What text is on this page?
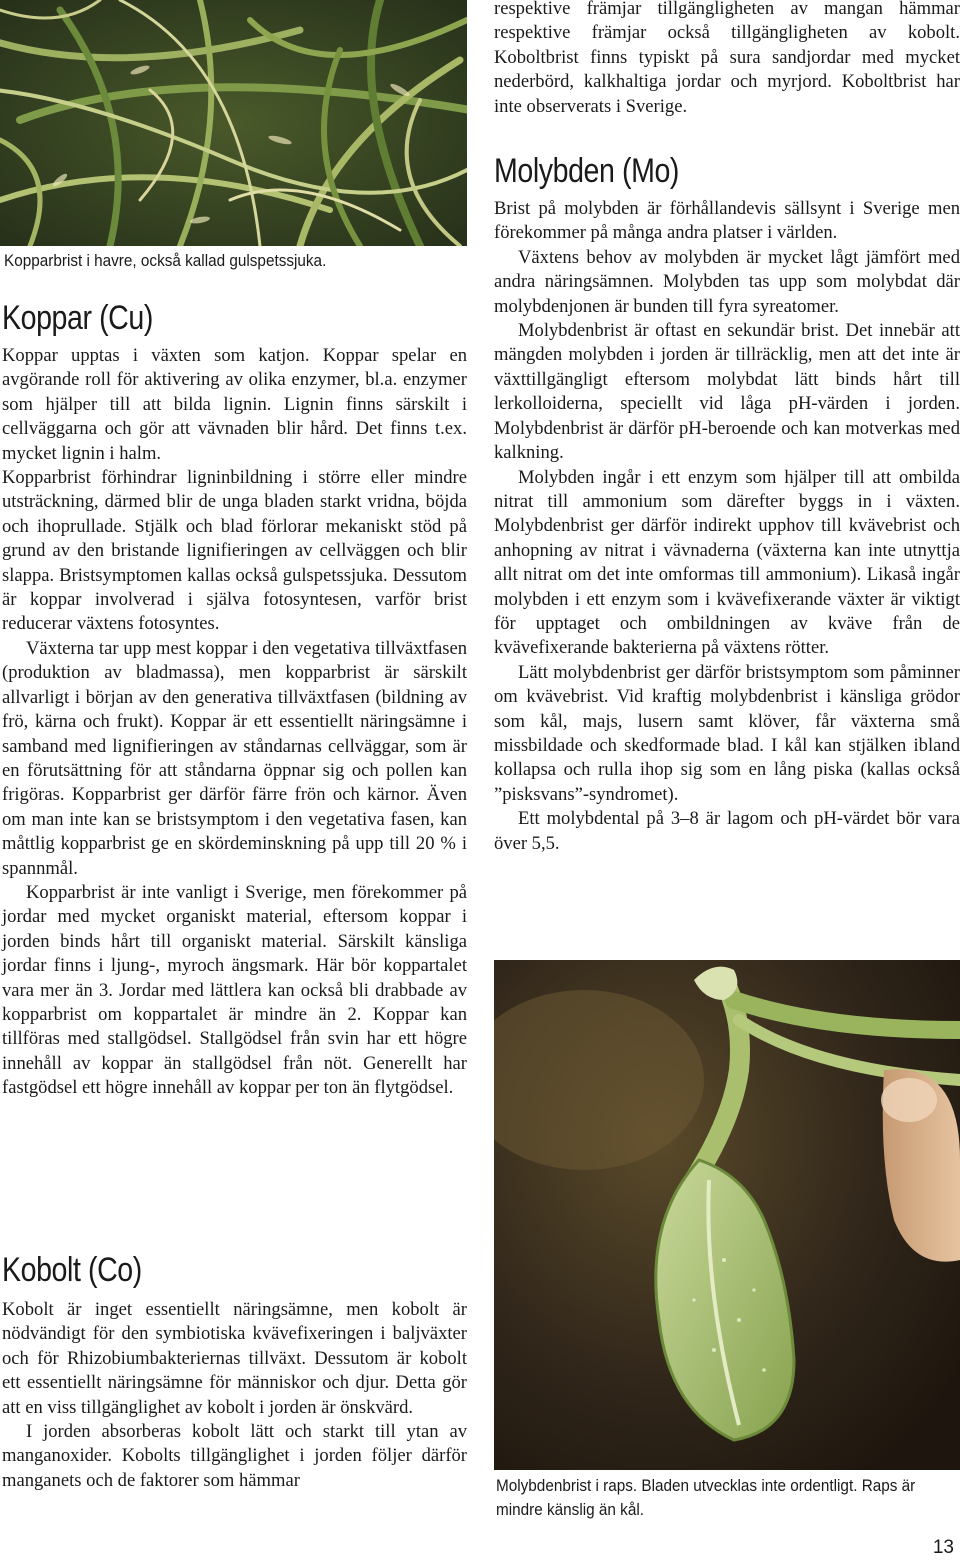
Kopparbrist i havre, också kallad gulspetssjuka.
Koppar (Cu)

Koppar upptas i växten som katjon. Koppar spelar en avgörande roll för aktivering av olika enzymer, bl.a. enzymer som hjälper till att bilda lignin. Lignin finns särskilt i cellväggarna och gör att vävnaden blir hård. Det finns t.ex. mycket lignin i halm.

Kopparbrist förhindrar ligninbildning i större eller mindre utsträckning, därmed blir de unga bladen starkt vridna, böjda och ihoprullade. Stjälk och blad förlorar mekaniskt stöd på grund av den bristande lignifieringen av cellväggen och blir slappa. Bristsymptomen kallas också gulspetssjuka. Dessutom är koppar involverad i själva fotosyntesen, varför brist reducerar växtens fotosyntes.

Växterna tar upp mest koppar i den vegetativa tillväxtfasen (produktion av bladmassa), men kopparbrist är särskilt allvarligt i början av den generativa tillväxtfasen (bildning av frö, kärna och frukt). Koppar är ett essentiellt näringsämne i samband med lignifieringen av ståndarnas cellväggar, som är en förutsättning för att ståndarna öppnar sig och pollen kan frigöras. Kopparbrist ger därför färre frön och kärnor. Även om man inte kan se bristsymptom i den vegetativa fasen, kan måttlig kopparbrist ge en skördeminskning på upp till 20 % i spannmål.

Kopparbrist är inte vanligt i Sverige, men förekommer på jordar med mycket organiskt material, eftersom koppar i jorden binds hårt till organiskt material. Särskilt känsliga jordar finns i ljung-, myroch ängsmark. Här bör koppartalet vara mer än 3. Jordar med lättlera kan också bli drabbade av kopparbrist om koppartalet är mindre än 2. Koppar kan tillföras med stallgödsel. Stallgödsel från svin har ett högre innehåll av koppar än stallgödsel från nöt. Generellt har fastgödsel ett högre innehåll av koppar per ton än flytgödsel.

Kobolt (Co)

Kobolt är inget essentiellt näringsämne, men kobolt är nödvändigt för den symbiotiska kvävefixeringen i baljväxter och för Rhizobiumbakteriernas tillväxt. Dessutom är kobolt ett essentiellt näringsämne för människor och djur. Detta gör att en viss tillgänglighet av kobolt i jorden är önskvärd.

I jorden absorberas kobolt lätt och starkt till ytan av manganoxider. Kobolts tillgänglighet i jorden följer därför manganets och de faktorer som hämmar

respektive främjar tillgängligheten av mangan hämmar respektive främjar också tillgängligheten av kobolt. Koboltbrist finns typiskt på sura sandjordar med mycket nederbörd, kalkhaltiga jordar och myrjord. Koboltbrist har inte observerats i Sverige.

Molybden (Mo)

Brist på molybden är förhållandevis sällsynt i Sverige men förekommer på många andra platser i världen.

Växtens behov av molybden är mycket lågt jämfört med andra näringsämnen. Molybden tas upp som molybdat där molybdenjonen är bunden till fyra syreatomer.

Molybdenbrist är oftast en sekundär brist. Det innebär att mängden molybden i jorden är tillräcklig, men att det inte är växttillgängligt eftersom molybdat lätt binds hårt till lerkolloiderna, speciellt vid låga pH-värden i jorden. Molybdenbrist är därför pH-beroende och kan motverkas med kalkning.

Molybden ingår i ett enzym som hjälper till att ombilda nitrat till ammonium som därefter byggs in i växten. Molybdenbrist ger därför indirekt upphov till kvävebrist och anhopning av nitrat i vävnaderna (växterna kan inte utnyttja allt nitrat om det inte omformas till ammonium). Likaså ingår molybden i ett enzym som i kvävefixerande växter är viktigt för upptaget och ombildningen av kväve från de kvävefixerande bakterierna på växtens rötter.

Lätt molybdenbrist ger därför bristsymptom som påminner om kvävebrist. Vid kraftig molybdenbrist i känsliga grödor som kål, majs, lusern samt klöver, får växterna små missbildade och skedformade blad. I kål kan stjälken ibland kollapsa och rulla ihop sig som en lång piska (kallas också ”pisksvans”-syndromet).

Ett molybdental på 3–8 är lagom och pH-värdet bör vara över 5,5.

Molybdenbrist i raps. Bladen utvecklas inte ordentligt. Raps är
mindre känslig än kål.
13
